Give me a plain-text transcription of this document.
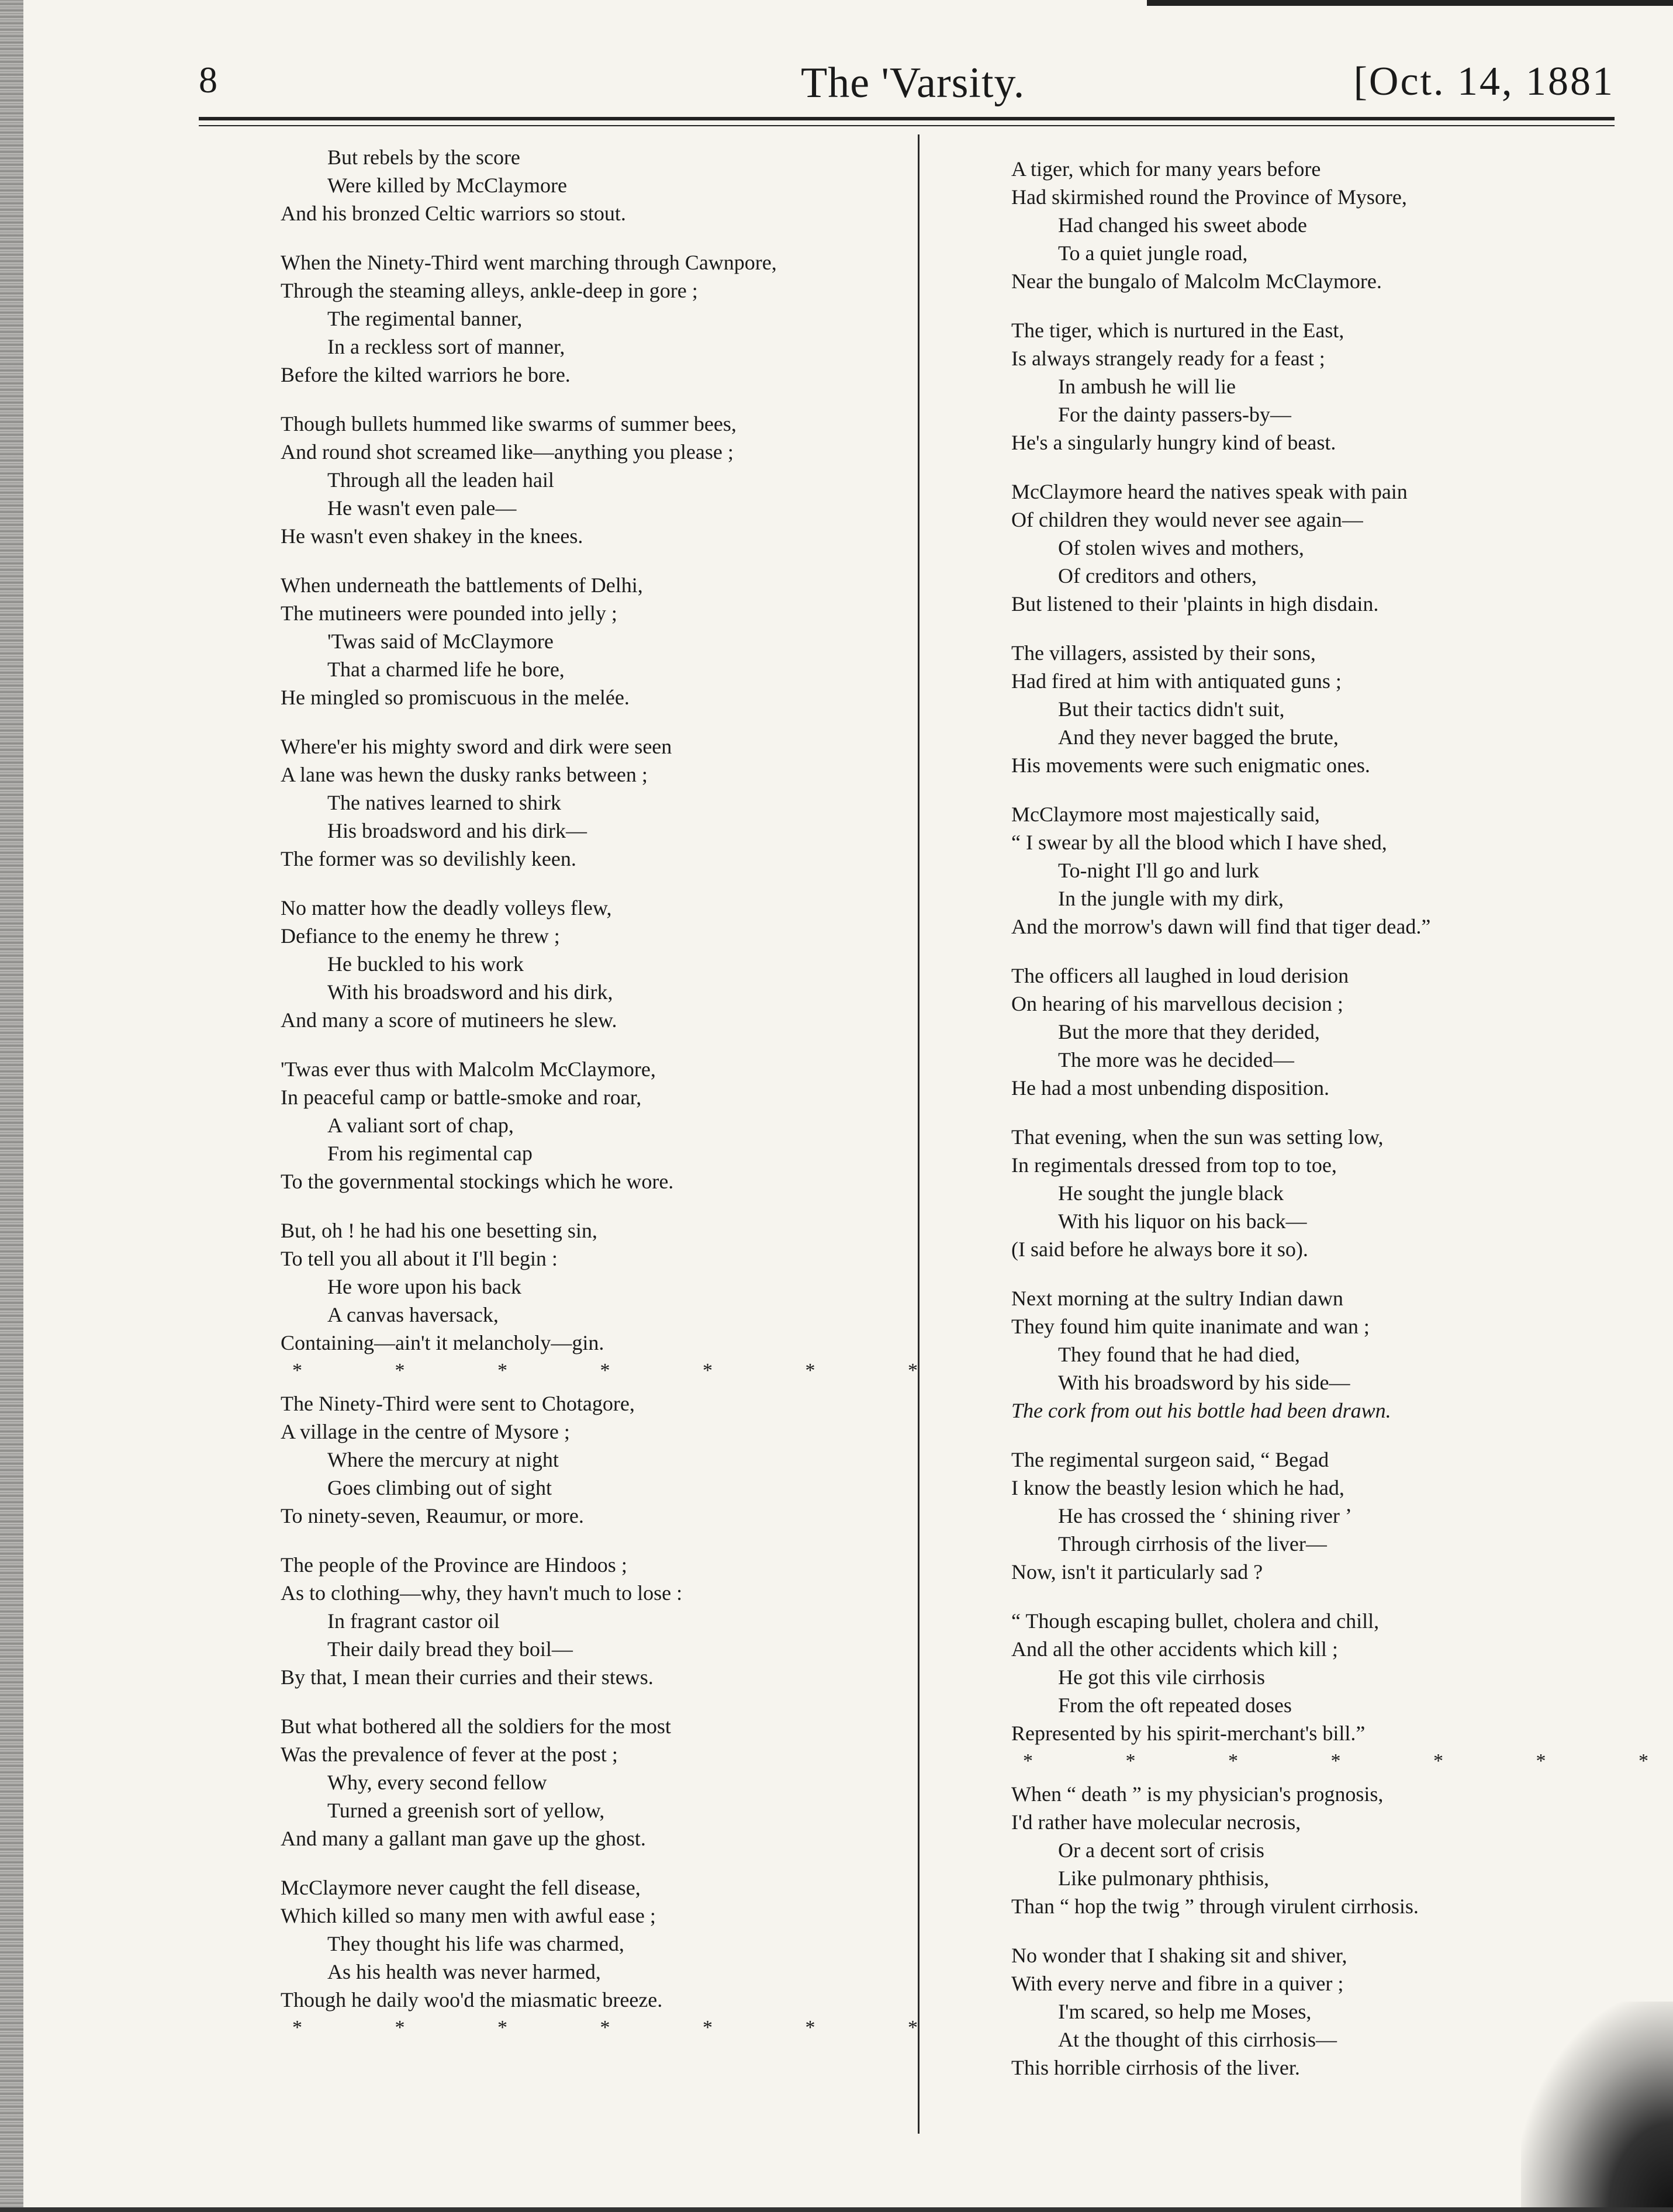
8	The 'Varsity.	[Oct. 14, 1881
But rebels by the score
Were killed by McClaymore
And his bronzed Celtic warriors so stout.
When the Ninety-Third went marching through Cawnpore,
Through the steaming alleys, ankle-deep in gore ;
The regimental banner,
In a reckless sort of manner,
Before the kilted warriors he bore.
Though bullets hummed like swarms of summer bees,
And round shot screamed like—anything you please ;
Through all the leaden hail
He wasn't even pale—
He wasn't even shakey in the knees.
When underneath the battlements of Delhi,
The mutineers were pounded into jelly ;
'Twas said of McClaymore
That a charmed life he bore,
He mingled so promiscuous in the melée.
Where'er his mighty sword and dirk were seen
A lane was hewn the dusky ranks between ;
The natives learned to shirk
His broadsword and his dirk—
The former was so devilishly keen.
No matter how the deadly volleys flew,
Defiance to the enemy he threw ;
He buckled to his work
With his broadsword and his dirk,
And many a score of mutineers he slew.
'Twas ever thus with Malcolm McClaymore,
In peaceful camp or battle-smoke and roar,
A valiant sort of chap,
From his regimental cap
To the governmental stockings which he wore.
But, oh ! he had his one besetting sin,
To tell you all about it I'll begin :
He wore upon his back
A canvas haversack,
Containing—ain't it melancholy—gin.
* * * * * * *
The Ninety-Third were sent to Chotagore,
A village in the centre of Mysore ;
Where the mercury at night
Goes climbing out of sight
To ninety-seven, Reaumur, or more.
The people of the Province are Hindoos ;
As to clothing—why, they havn't much to lose :
In fragrant castor oil
Their daily bread they boil—
By that, I mean their curries and their stews.
But what bothered all the soldiers for the most
Was the prevalence of fever at the post ;
Why, every second fellow
Turned a greenish sort of yellow,
And many a gallant man gave up the ghost.
McClaymore never caught the fell disease,
Which killed so many men with awful ease ;
They thought his life was charmed,
As his health was never harmed,
Though he daily woo'd the miasmatic breeze.
* * * * * * *
A tiger, which for many years before
Had skirmished round the Province of Mysore,
Had changed his sweet abode
To a quiet jungle road,
Near the bungalo of Malcolm McClaymore.
The tiger, which is nurtured in the East,
Is always strangely ready for a feast ;
In ambush he will lie
For the dainty passers-by—
He's a singularly hungry kind of beast.
McClaymore heard the natives speak with pain
Of children they would never see again—
Of stolen wives and mothers,
Of creditors and others,
But listened to their 'plaints in high disdain.
The villagers, assisted by their sons,
Had fired at him with antiquated guns ;
But their tactics didn't suit,
And they never bagged the brute,
His movements were such enigmatic ones.
McClaymore most majestically said,
“ I swear by all the blood which I have shed,
To-night I'll go and lurk
In the jungle with my dirk,
And the morrow's dawn will find that tiger dead.”
The officers all laughed in loud derision
On hearing of his marvellous decision ;
But the more that they derided,
The more was he decided—
He had a most unbending disposition.
That evening, when the sun was setting low,
In regimentals dressed from top to toe,
He sought the jungle black
With his liquor on his back—
(I said before he always bore it so).
Next morning at the sultry Indian dawn
They found him quite inanimate and wan ;
They found that he had died,
With his broadsword by his side—
The cork from out his bottle had been drawn.
The regimental surgeon said, “ Begad
I know the beastly lesion which he had,
He has crossed the ‘ shining river ’
Through cirrhosis of the liver—
Now, isn't it particularly sad ?
“ Though escaping bullet, cholera and chill,
And all the other accidents which kill ;
He got this vile cirrhosis
From the oft repeated doses
Represented by his spirit-merchant's bill.”
* * * * * * *
When “ death ” is my physician's prognosis,
I'd rather have molecular necrosis,
Or a decent sort of crisis
Like pulmonary phthisis,
Than “ hop the twig ” through virulent cirrhosis.
No wonder that I shaking sit and shiver,
With every nerve and fibre in a quiver ;
I'm scared, so help me Moses,
At the thought of this cirrhosis—
This horrible cirrhosis of the liver.
